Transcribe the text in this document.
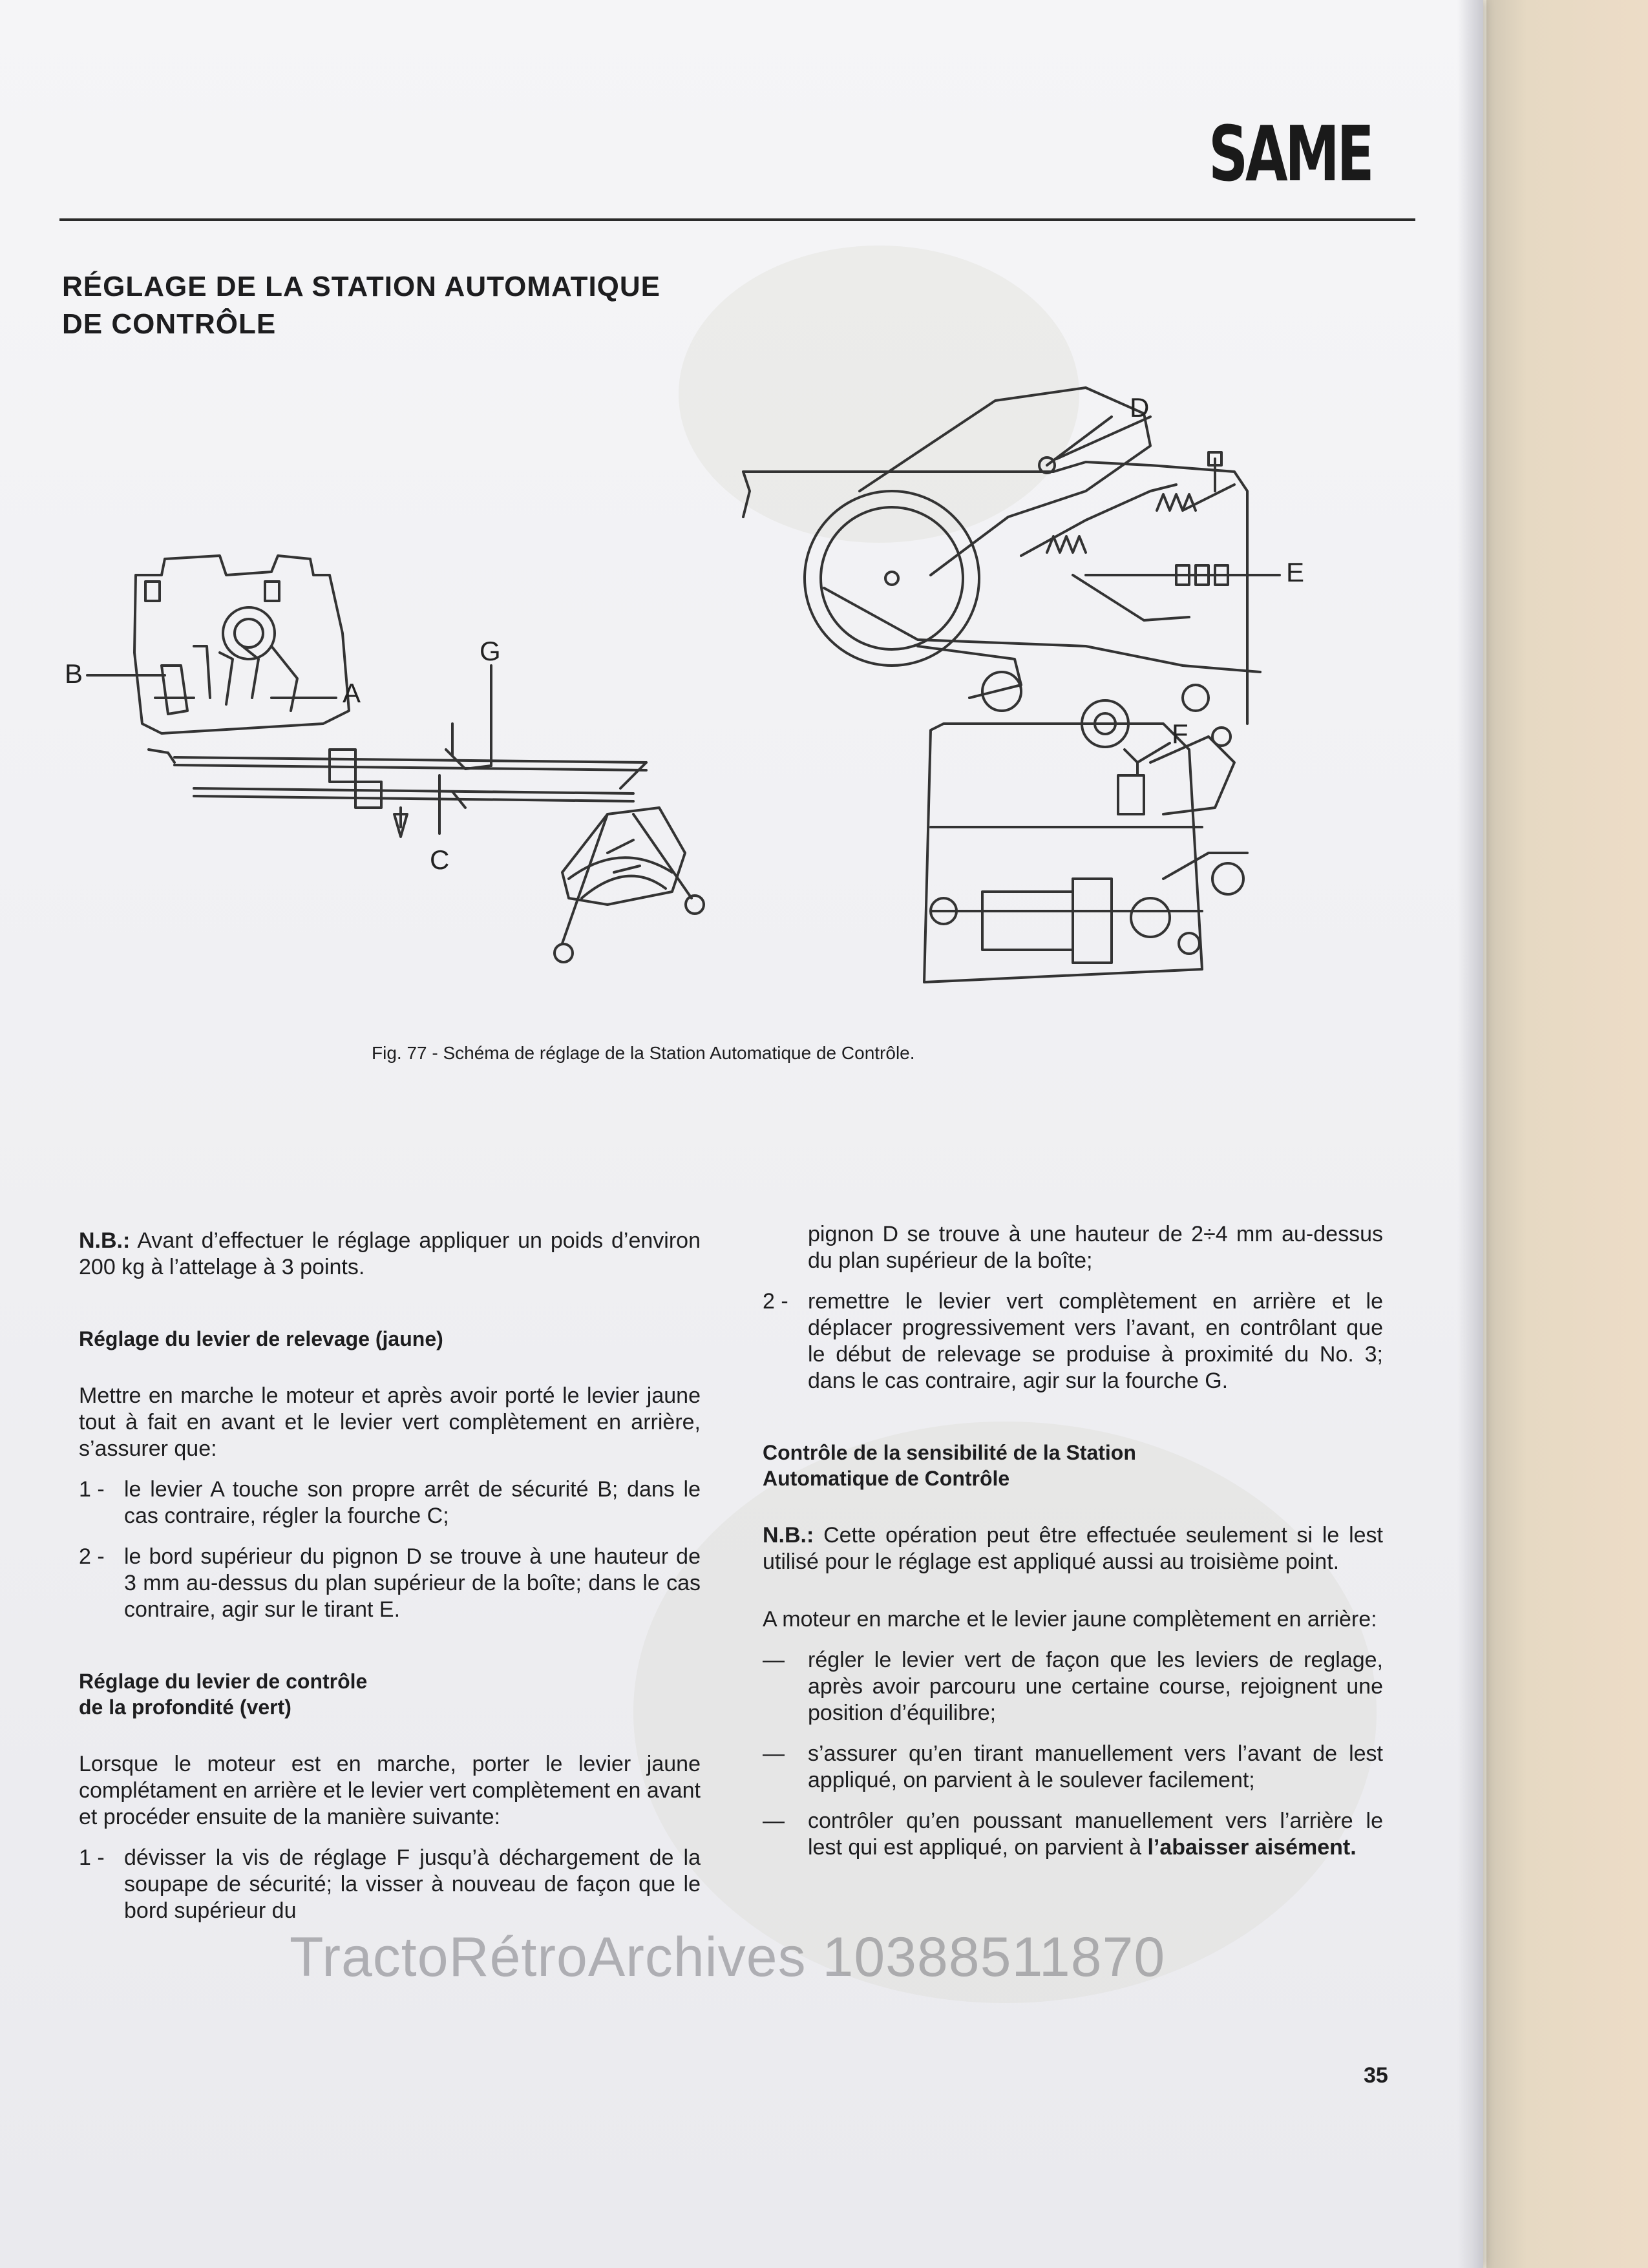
SAME
RÉGLAGE DE LA STATION AUTOMATIQUE
DE CONTRÔLE
B
A
G
C
D
E
F
Fig. 77 - Schéma de réglage de la Station Automatique de Contrôle.

N.B.: Avant d’effectuer le réglage appliquer un poids d’environ 200 kg à l’attelage à 3 points.

Réglage du levier de relevage (jaune)

Mettre en marche le moteur et après avoir porté le levier jaune tout à fait en avant et le levier vert complètement en arrière, s’assurer que:

1 - le levier A touche son propre arrêt de sécurité B; dans le cas contraire, régler la fourche C;
2 - le bord supérieur du pignon D se trouve à une hauteur de 3 mm au-dessus du plan supérieur de la boîte; dans le cas contraire, agir sur le tirant E.
Réglage du levier de contrôle
de la profondité (vert)

Lorsque le moteur est en marche, porter le levier jaune complétament en arrière et le levier vert complètement en avant et procéder ensuite de la manière suivante:

1 - dévisser la vis de réglage F jusqu’à déchargement de la soupape de sécurité; la visser à nouveau de façon que le bord supérieur du
pignon D se trouve à une hauteur de 2÷4 mm au-dessus du plan supérieur de la boîte;
2 - remettre le levier vert complètement en arrière et le déplacer progressivement vers l’avant, en contrôlant que le début de relevage se produise à proximité du No. 3; dans le cas contraire, agir sur la fourche G.
Contrôle de la sensibilité de la Station
Automatique de Contrôle

N.B.: Cette opération peut être effectuée seulement si le lest utilisé pour le réglage est appliqué aussi au troisième point.

A moteur en marche et le levier jaune complètement en arrière:

—	régler le levier vert de façon que les leviers de reglage, après avoir parcouru une certaine course, rejoignent une position d’équilibre;
—	s’assurer qu’en tirant manuellement vers l’avant de lest appliqué, on parvient à le soulever facilement;
—	contrôler qu’en poussant manuellement vers l’arrière le lest qui est appliqué, on parvient à l’abaisser aisément.
TractoRétroArchives 10388511870
35
